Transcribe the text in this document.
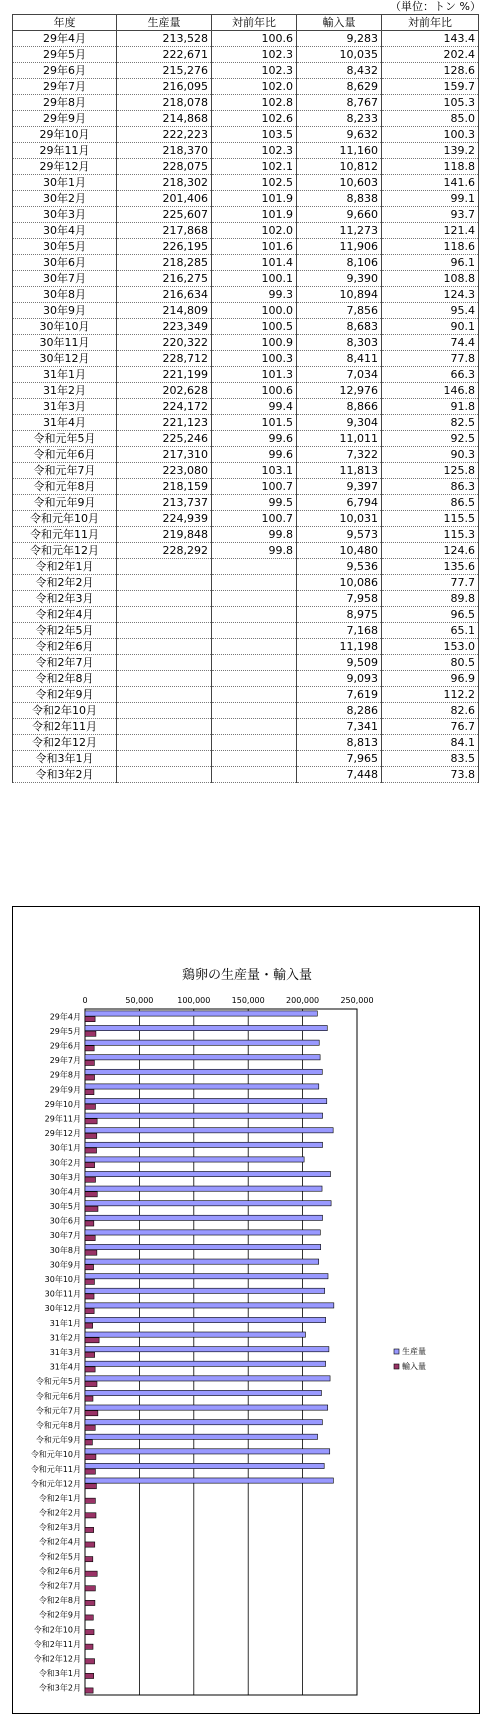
（単位：トン %）
年度	生産量	対前年比	輸入量	対前年比
29年4月	213,528	100.6	9,283	143.4
29年5月	222,671	102.3	10,035	202.4
29年6月	215,276	102.3	8,432	128.6
29年7月	216,095	102.0	8,629	159.7
29年8月	218,078	102.8	8,767	105.3
29年9月	214,868	102.6	8,233	85.0
29年10月	222,223	103.5	9,632	100.3
29年11月	218,370	102.3	11,160	139.2
29年12月	228,075	102.1	10,812	118.8
30年1月	218,302	102.5	10,603	141.6
30年2月	201,406	101.9	8,838	99.1
30年3月	225,607	101.9	9,660	93.7
30年4月	217,868	102.0	11,273	121.4
30年5月	226,195	101.6	11,906	118.6
30年6月	218,285	101.4	8,106	96.1
30年7月	216,275	100.1	9,390	108.8
30年8月	216,634	99.3	10,894	124.3
30年9月	214,809	100.0	7,856	95.4
30年10月	223,349	100.5	8,683	90.1
30年11月	220,322	100.9	8,303	74.4
30年12月	228,712	100.3	8,411	77.8
31年1月	221,199	101.3	7,034	66.3
31年2月	202,628	100.6	12,976	146.8
31年3月	224,172	99.4	8,866	91.8
31年4月	221,123	101.5	9,304	82.5
令和元年5月	225,246	99.6	11,011	92.5
令和元年6月	217,310	99.6	7,322	90.3
令和元年7月	223,080	103.1	11,813	125.8
令和元年8月	218,159	100.7	9,397	86.3
令和元年9月	213,737	99.5	6,794	86.5
令和元年10月	224,939	100.7	10,031	115.5
令和元年11月	219,848	99.8	9,573	115.3
令和元年12月	228,292	99.8	10,480	124.6
令和2年1月			9,536	135.6
令和2年2月			10,086	77.7
令和2年3月			7,958	89.8
令和2年4月			8,975	96.5
令和2年5月			7,168	65.1
令和2年6月			11,198	153.0
令和2年7月			9,509	80.5
令和2年8月			9,093	96.9
令和2年9月			7,619	112.2
令和2年10月			8,286	82.6
令和2年11月			7,341	76.7
令和2年12月			8,813	84.1
令和3年1月			7,965	83.5
令和3年2月			7,448	73.8
鶏卵の生産量・輸入量
0	50,000	100,000	150,000	200,000	250,000
29年4月
29年5月
29年6月
29年7月
29年8月
29年9月
29年10月
29年11月
29年12月
30年1月
30年2月
30年3月
30年4月
30年5月
30年6月
30年7月
30年8月
30年9月
30年10月
30年11月
30年12月
31年1月
31年2月
31年3月
31年4月
令和元年5月
令和元年6月
令和元年7月
令和元年8月
令和元年9月
令和元年10月
令和元年11月
令和元年12月
令和2年1月
令和2年2月
令和2年3月
令和2年4月
令和2年5月
令和2年6月
令和2年7月
令和2年8月
令和2年9月
令和2年10月
令和2年11月
令和2年12月
令和3年1月
令和3年2月
生産量
輸入量
